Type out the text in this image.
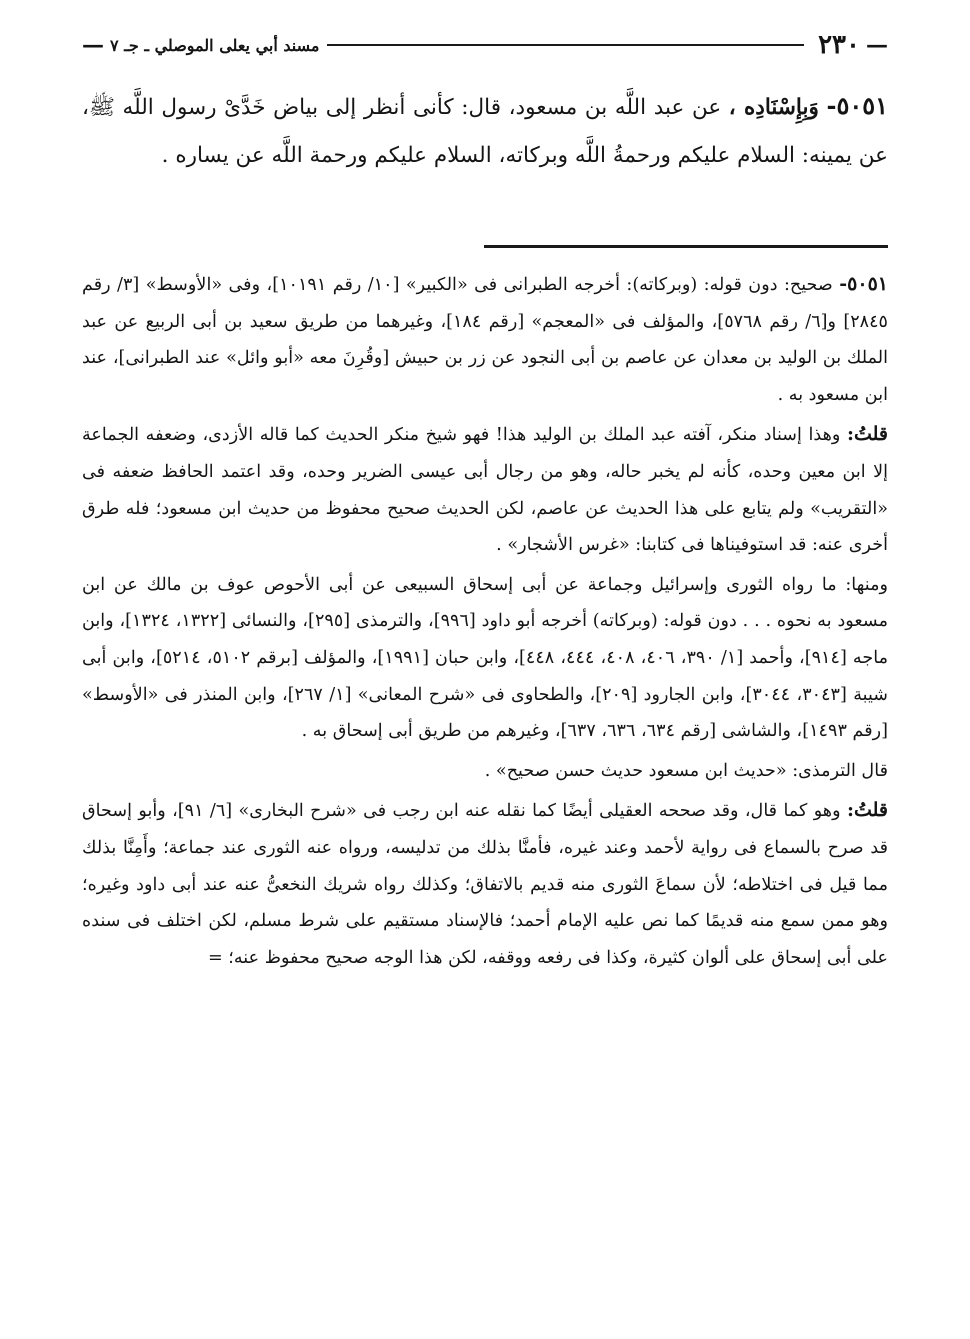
—
٢٣٠
مسند أبي يعلى الموصلي ـ جـ ٧
—
٥٠٥١- وَبِإِسْنَادِه ، عن عبد اللَّه بن مسعود، قال: كأنى أنظر إلى بياض خَدَّىْ رسول اللَّه ﷺ، عن يمينه: السلام عليكم ورحمةُ اللَّه وبركاته، السلام عليكم ورحمة اللَّه عن يساره .

٥٠٥١- صحيح: دون قوله: (وبركاته): أخرجه الطبرانى فى «الكبير» [١٠/ رقم ١٠١٩١]، وفى «الأوسط» [٣/ رقم ٢٨٤٥] و[٦/ رقم ٥٧٦٨]، والمؤلف فى «المعجم» [رقم ١٨٤]، وغيرهما من طريق سعيد بن أبى الربيع عن عبد الملك بن الوليد بن معدان عن عاصم بن أبى النجود عن زر بن حبيش [وقُرِنَ معه «أبو وائل» عند الطبرانى]، عند ابن مسعود به .

قلتُ: وهذا إسناد منكر، آفته عبد الملك بن الوليد هذا! فهو شيخ منكر الحديث كما قاله الأزدى، وضعفه الجماعة إلا ابن معين وحده، كأنه لم يخبر حاله، وهو من رجال أبى عيسى الضرير وحده، وقد اعتمد الحافظ ضعفه فى «التقريب» ولم يتابع على هذا الحديث عن عاصم، لكن الحديث صحيح محفوظ من حديث ابن مسعود؛ فله طرق أخرى عنه: قد استوفيناها فى كتابنا: «غرس الأشجار» .

ومنها: ما رواه الثورى وإسرائيل وجماعة عن أبى إسحاق السبيعى عن أبى الأحوص عوف بن مالك عن ابن مسعود به نحوه . . . دون قوله: (وبركاته) أخرجه أبو داود [٩٩٦]، والترمذى [٢٩٥]، والنسائى [١٣٢٢، ١٣٢٤]، وابن ماجه [٩١٤]، وأحمد [١/ ٣٩٠، ٤٠٦، ٤٠٨، ٤٤٤، ٤٤٨]، وابن حبان [١٩٩١]، والمؤلف [برقم ٥١٠٢، ٥٢١٤]، وابن أبى شيبة [٣٠٤٣، ٣٠٤٤]، وابن الجارود [٢٠٩]، والطحاوى فى «شرح المعانى» [١/ ٢٦٧]، وابن المنذر فى «الأوسط» [رقم ١٤٩٣]، والشاشى [رقم ٦٣٤، ٦٣٦، ٦٣٧]، وغيرهم من طريق أبى إسحاق به .

قال الترمذى: «حديث ابن مسعود حديث حسن صحيح» .

قلتُ: وهو كما قال، وقد صححه العقيلى أيضًا كما نقله عنه ابن رجب فى «شرح البخارى» [٦/ ٩١]، وأبو إسحاق قد صرح بالسماع فى رواية لأحمد وعند غيره، فأمنَّا بذلك من تدليسه، ورواه عنه الثورى عند جماعة؛ وأَمِنَّا بذلك مما قيل فى اختلاطه؛ لأن سماعَ الثورى منه قديم بالاتفاق؛ وكذلك رواه شريك النخعىُّ عنه عند أبى داود وغيره؛ وهو ممن سمع منه قديمًا كما نص عليه الإمام أحمد؛ فالإسناد مستقيم على شرط مسلم، لكن اختلف فى سنده على أبى إسحاق على ألوان كثيرة، وكذا فى رفعه ووقفه، لكن هذا الوجه صحيح محفوظ عنه؛ =
